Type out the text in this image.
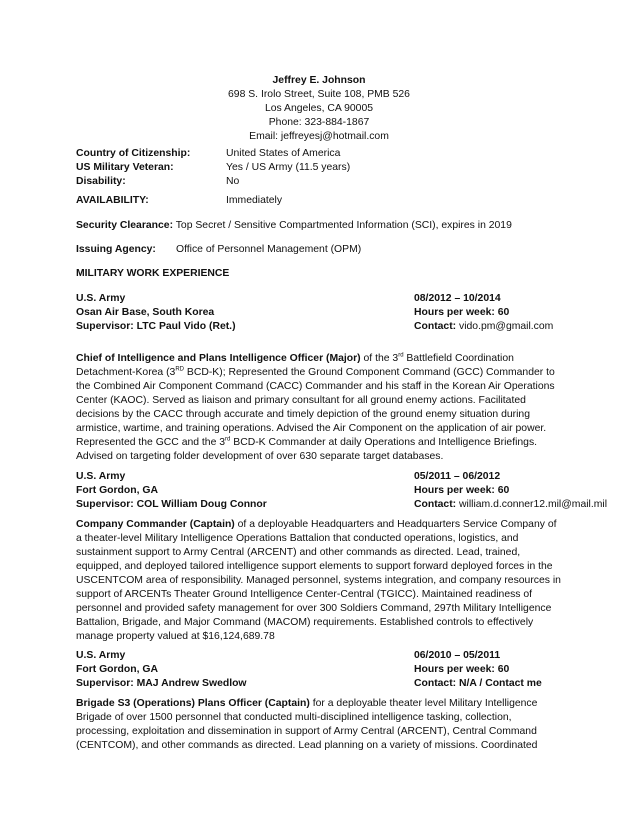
Jeffrey E. Johnson
698 S. Irolo Street, Suite 108, PMB 526
Los Angeles, CA 90005
Phone: 323-884-1867
Email: jeffreyesj@hotmail.com
Country of Citizenship:	United States of America
US Military Veteran:	Yes / US Army (11.5 years)
Disability:	No
AVAILABILITY:	Immediately
Security Clearance: Top Secret / Sensitive Compartmented Information (SCI), expires in 2019
Issuing Agency: Office of Personnel Management (OPM)
MILITARY WORK EXPERIENCE
U.S. Army	08/2012 – 10/2014
Osan Air Base, South Korea	Hours per week: 60
Supervisor: LTC Paul Vido (Ret.)	Contact: vido.pm@gmail.com
Chief of Intelligence and Plans Intelligence Officer (Major) of the 3rd Battlefield Coordination
Detachment-Korea (3RD BCD-K); Represented the Ground Component Command (GCC) Commander to
the Combined Air Component Command (CACC) Commander and his staff in the Korean Air Operations
Center (KAOC). Served as liaison and primary consultant for all ground enemy actions. Facilitated
decisions by the CACC through accurate and timely depiction of the ground enemy situation during
armistice, wartime, and training operations. Advised the Air Component on the application of air power.
Represented the GCC and the 3rd BCD-K Commander at daily Operations and Intelligence Briefings.
Advised on targeting folder development of over 630 separate target databases.
U.S. Army	05/2011 – 06/2012
Fort Gordon, GA	Hours per week: 60
Supervisor: COL William Doug Connor	Contact: william.d.conner12.mil@mail.mil
Company Commander (Captain) of a deployable Headquarters and Headquarters Service Company of
a theater-level Military Intelligence Operations Battalion that conducted operations, logistics, and
sustainment support to Army Central (ARCENT) and other commands as directed. Lead, trained,
equipped, and deployed tailored intelligence support elements to support forward deployed forces in the
USCENTCOM area of responsibility. Managed personnel, systems integration, and company resources in
support of ARCENTs Theater Ground Intelligence Center-Central (TGICC). Maintained readiness of
personnel and provided safety management for over 300 Soldiers Command, 297th Military Intelligence
Battalion, Brigade, and Major Command (MACOM) requirements. Established controls to effectively
manage property valued at $16,124,689.78
U.S. Army	06/2010 – 05/2011
Fort Gordon, GA	Hours per week: 60
Supervisor: MAJ Andrew Swedlow	Contact: N/A / Contact me
Brigade S3 (Operations) Plans Officer (Captain) for a deployable theater level Military Intelligence
Brigade of over 1500 personnel that conducted multi-disciplined intelligence tasking, collection,
processing, exploitation and dissemination in support of Army Central (ARCENT), Central Command
(CENTCOM), and other commands as directed. Lead planning on a variety of missions. Coordinated
